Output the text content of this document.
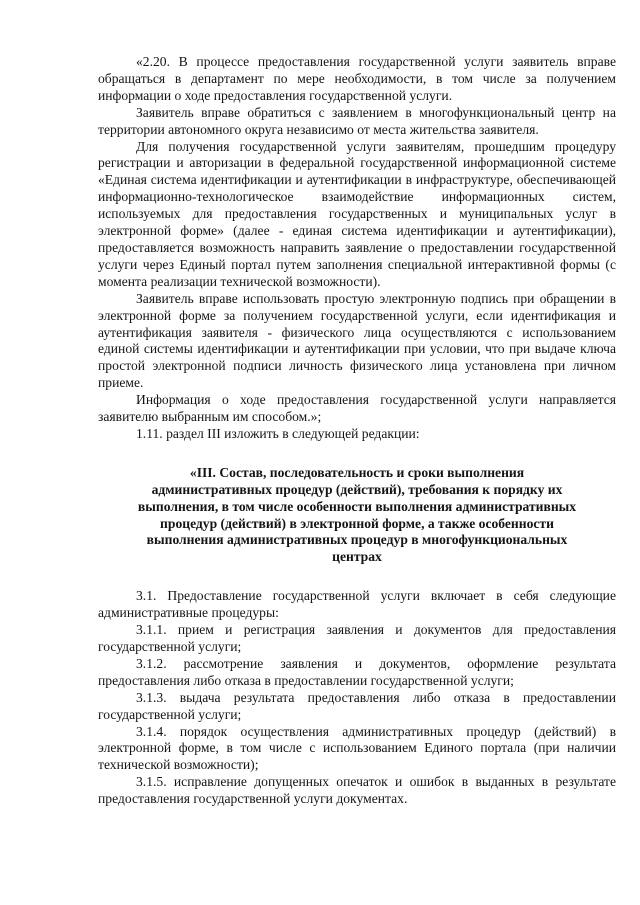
«2.20. В процессе предоставления государственной услуги заявитель вправе обращаться в департамент по мере необходимости, в том числе за получением информации о ходе предоставления государственной услуги.

Заявитель вправе обратиться с заявлением в многофункциональный центр на территории автономного округа независимо от места жительства заявителя.

Для получения государственной услуги заявителям, прошедшим процедуру регистрации и авторизации в федеральной государственной информационной системе «Единая система идентификации и аутентификации в инфраструктуре, обеспечивающей информационно-технологическое взаимодействие информационных систем, используемых для предоставления государственных и муниципальных услуг в электронной форме» (далее - единая система идентификации и аутентификации), предоставляется возможность направить заявление о предоставлении государственной услуги через Единый портал путем заполнения специальной интерактивной формы (с момента реализации технической возможности).

Заявитель вправе использовать простую электронную подпись при обращении в электронной форме за получением государственной услуги, если идентификация и аутентификация заявителя - физического лица осуществляются с использованием единой системы идентификации и аутентификации при условии, что при выдаче ключа простой электронной подписи личность физического лица установлена при личном приеме.

Информация о ходе предоставления государственной услуги направляется заявителю выбранным им способом.»;

1.11. раздел III изложить в следующей редакции:

«III. Состав, последовательность и сроки выполнения административных процедур (действий), требования к порядку их выполнения, в том числе особенности выполнения административных процедур (действий) в электронной форме, а также особенности выполнения административных процедур в многофункциональных центрах

3.1. Предоставление государственной услуги включает в себя следующие административные процедуры:

3.1.1. прием и регистрация заявления и документов для предоставления государственной услуги;

3.1.2. рассмотрение заявления и документов, оформление результата предоставления либо отказа в предоставлении государственной услуги;

3.1.3. выдача результата предоставления либо отказа в предоставлении государственной услуги;

3.1.4. порядок осуществления административных процедур (действий) в электронной форме, в том числе с использованием Единого портала (при наличии технической возможности);

3.1.5. исправление допущенных опечаток и ошибок в выданных в результате предоставления государственной услуги документах.
